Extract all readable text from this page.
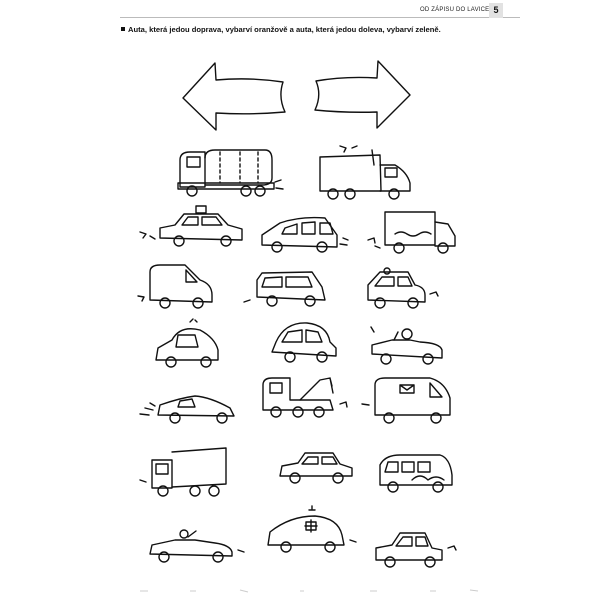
OD ZÁPISU DO LAVICE 5
Auta, která jedou doprava, vybarví oranžově a auta, která jedou doleva, vybarví zeleně.
